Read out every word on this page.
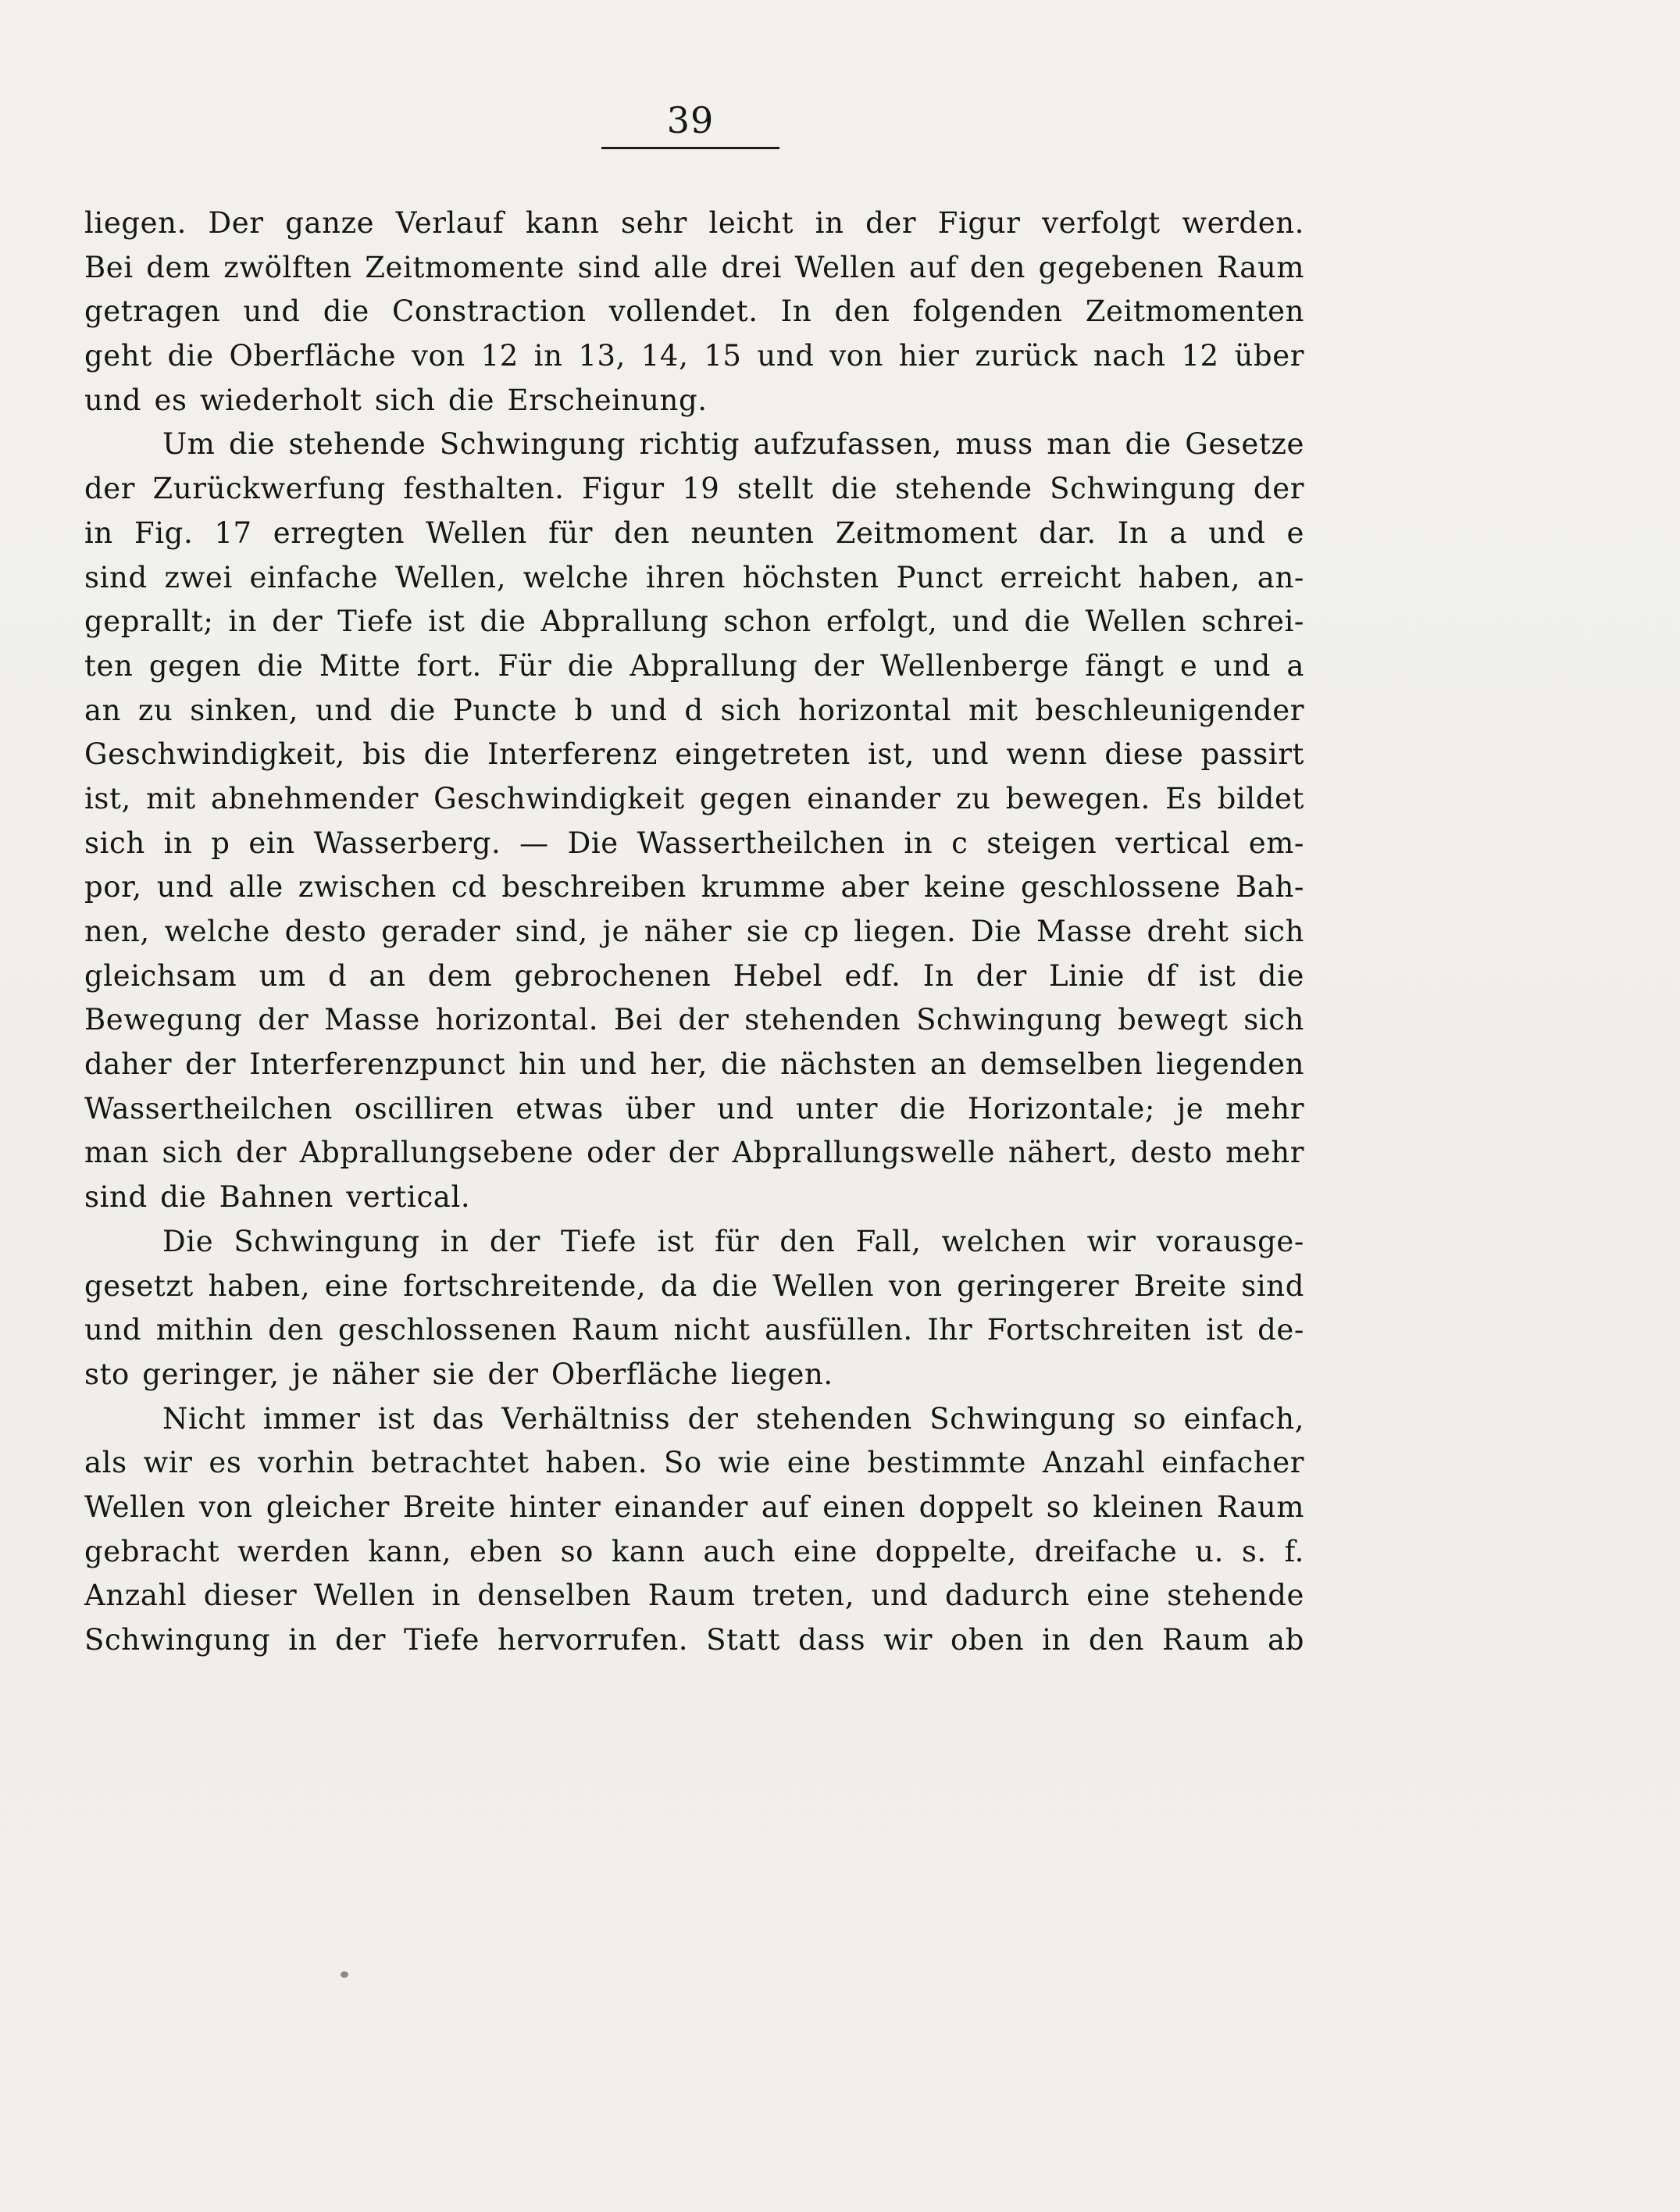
39
liegen. Der ganze Verlauf kann sehr leicht in der Figur verfolgt werden.
Bei dem zwölften Zeitmomente sind alle drei Wellen auf den gegebenen Raum
getragen und die Constraction vollendet. In den folgenden Zeitmomenten
geht die Oberfläche von 12 in 13, 14, 15 und von hier zurück nach 12 über
und es wiederholt sich die Erscheinung.
Um die stehende Schwingung richtig aufzufassen, muss man die Gesetze
der Zurückwerfung festhalten. Figur 19 stellt die stehende Schwingung der
in Fig. 17 erregten Wellen für den neunten Zeitmoment dar. In a und e
sind zwei einfache Wellen, welche ihren höchsten Punct erreicht haben, an-
geprallt; in der Tiefe ist die Abprallung schon erfolgt, und die Wellen schrei-
ten gegen die Mitte fort. Für die Abprallung der Wellenberge fängt e und a
an zu sinken, und die Puncte b und d sich horizontal mit beschleunigender
Geschwindigkeit, bis die Interferenz eingetreten ist, und wenn diese passirt
ist, mit abnehmender Geschwindigkeit gegen einander zu bewegen. Es bildet
sich in p ein Wasserberg. — Die Wassertheilchen in c steigen vertical em-
por, und alle zwischen cd beschreiben krumme aber keine geschlossene Bah-
nen, welche desto gerader sind, je näher sie cp liegen. Die Masse dreht sich
gleichsam um d an dem gebrochenen Hebel edf. In der Linie df ist die
Bewegung der Masse horizontal. Bei der stehenden Schwingung bewegt sich
daher der Interferenzpunct hin und her, die nächsten an demselben liegenden
Wassertheilchen oscilliren etwas über und unter die Horizontale; je mehr
man sich der Abprallungsebene oder der Abprallungswelle nähert, desto mehr
sind die Bahnen vertical.
Die Schwingung in der Tiefe ist für den Fall, welchen wir vorausge-
gesetzt haben, eine fortschreitende, da die Wellen von geringerer Breite sind
und mithin den geschlossenen Raum nicht ausfüllen. Ihr Fortschreiten ist de-
sto geringer, je näher sie der Oberfläche liegen.
Nicht immer ist das Verhältniss der stehenden Schwingung so einfach,
als wir es vorhin betrachtet haben. So wie eine bestimmte Anzahl einfacher
Wellen von gleicher Breite hinter einander auf einen doppelt so kleinen Raum
gebracht werden kann, eben so kann auch eine doppelte, dreifache u. s. f.
Anzahl dieser Wellen in denselben Raum treten, und dadurch eine stehende
Schwingung in der Tiefe hervorrufen. Statt dass wir oben in den Raum ab
